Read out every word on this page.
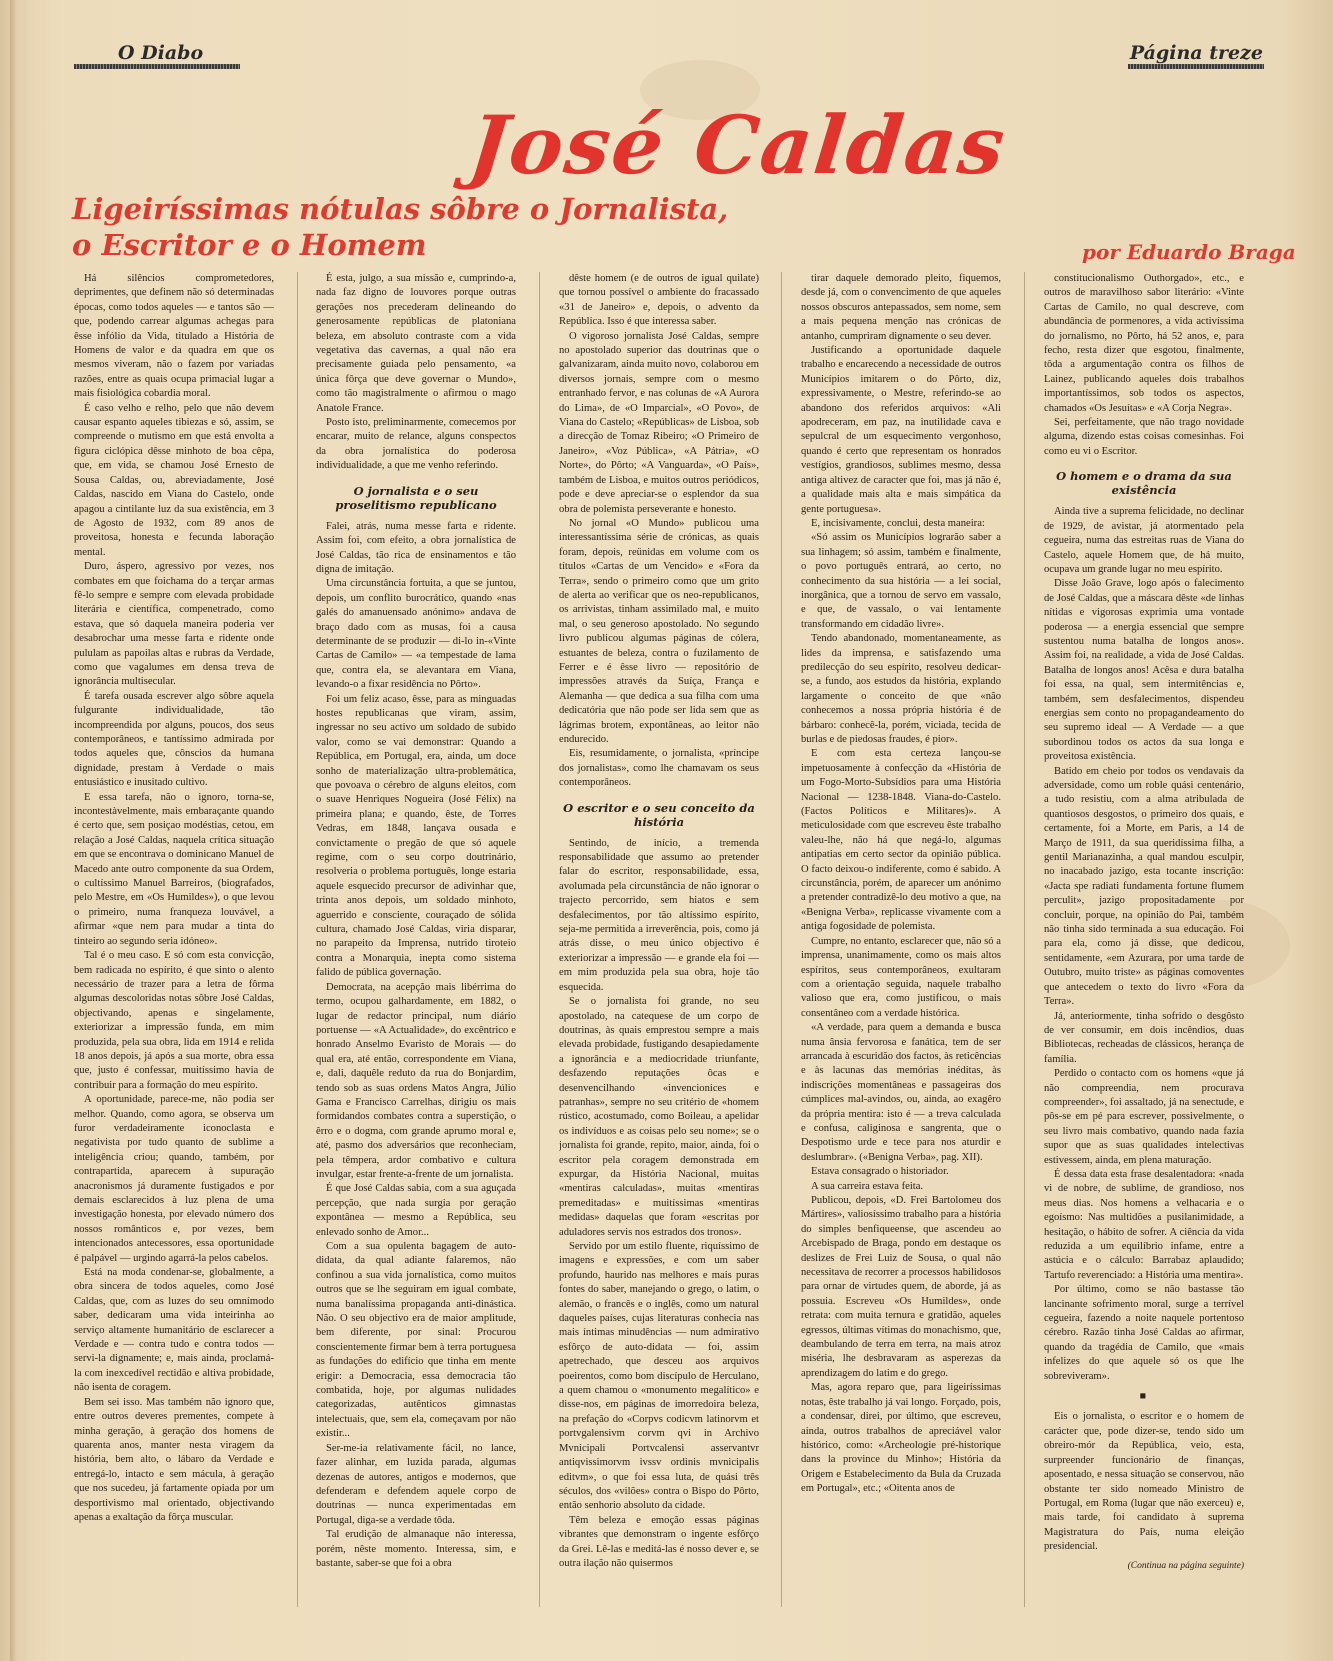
O Diabo	Página treze
José Caldas
Ligeiríssimas nótulas sôbre o Jornalista,
o Escritor e o Homem	por Eduardo Braga

Há silêncios comprometedores, deprimentes, que definem não só determinadas épocas, como todos aqueles — e tantos são — que, podendo carrear algumas achegas para êsse infólio da Vida, titulado a História de Homens de valor e da quadra em que os mesmos viveram, não o fazem por variadas razões, entre as quais ocupa primacial lugar a mais fisiológica cobardia moral.

É caso velho e relho, pelo que não devem causar espanto aqueles tibiezas e só, assim, se compreende o mutismo em que está envolta a figura ciclópica dêsse minhoto de boa cêpa, que, em vida, se chamou José Ernesto de Sousa Caldas, ou, abreviadamente, José Caldas, nascido em Viana do Castelo, onde apagou a cintilante luz da sua existência, em 3 de Agosto de 1932, com 89 anos de proveitosa, honesta e fecunda laboração mental.

Duro, áspero, agressivo por vezes, nos combates em que foichama do a terçar armas fê-lo sempre e sempre com elevada probidade literária e científica, compenetrado, como estava, que só daquela maneira poderia ver desabrochar uma messe farta e ridente onde pululam as papoilas altas e rubras da Verdade, como que vagalumes em densa treva de ignorância multisecular.

É tarefa ousada escrever algo sôbre aquela fulgurante individualidade, tão incompreendida por alguns, poucos, dos seus contemporâneos, e tantíssimo admirada por todos aqueles que, cônscios da humana dignidade, prestam à Verdade o mais entusiástico e inusitado cultivo.

E essa tarefa, não o ignoro, torna-se, incontestàvelmente, mais embaraçante quando é certo que, sem posiçao modéstias, cetou, em relação a José Caldas, naquela crítica situação em que se encontrava o dominicano Manuel de Macedo ante outro componente da sua Ordem, o cultíssimo Manuel Barreiros, (biografados, pelo Mestre, em «Os Humildes»), o que levou o primeiro, numa franqueza louvável, a afirmar «que nem para mudar a tinta do tinteiro ao segundo seria idóneo».

Tal é o meu caso. E só com esta convicção, bem radicada no espírito, é que sinto o alento necessário de trazer para a letra de fôrma algumas descoloridas notas sôbre José Caldas, objectivando, apenas e singelamente, exteriorizar a impressão funda, em mim produzida, pela sua obra, lida em 1914 e relida 18 anos depois, já após a sua morte, obra essa que, justo é confessar, muitíssimo havia de contribuir para a formação do meu espírito.

A oportunidade, parece-me, não podia ser melhor. Quando, como agora, se observa um furor verdadeiramente iconoclasta e negativista por tudo quanto de sublime a inteligência criou; quando, também, por contrapartida, aparecem à supuração anacronismos já duramente fustigados e por demais esclarecidos à luz plena de uma investigação honesta, por elevado número dos nossos românticos e, por vezes, bem intencionados antecessores, essa oportunidade é palpável — urgindo agarrá-la pelos cabelos.

Está na moda condenar-se, globalmente, a obra sincera de todos aqueles, como José Caldas, que, com as luzes do seu omnímodo saber, dedicaram uma vida inteirinha ao serviço altamente humanitário de esclarecer a Verdade e — contra tudo e contra todos — servi-la dignamente; e, mais ainda, proclamá-la com inexcedível rectidão e altiva probidade, não isenta de coragem.

Bem sei isso. Mas também não ignoro que, entre outros deveres prementes, compete à minha geração, à geração dos homens de quarenta anos, manter nesta viragem da história, bem alto, o lábaro da Verdade e entregá-lo, intacto e sem mácula, à geração que nos sucedeu, já fartamente opiada por um desportivismo mal orientado, objectivando apenas a exaltação da fôrça muscular.

É esta, julgo, a sua missão e, cumprindo-a, nada faz digno de louvores porque outras gerações nos precederam delineando do generosamente repúblicas de platoniana beleza, em absoluto contraste com a vida vegetativa das cavernas, a qual não era precisamente guiada pelo pensamento, «a única fôrça que deve governar o Mundo», como tão magistralmente o afirmou o mago Anatole France.

Posto isto, preliminarmente, comecemos por encarar, muito de relance, alguns conspectos da obra jornalística do poderosa individualidade, a que me venho referindo.

O jornalista e o seu proselitismo republicano

Falei, atrás, numa messe farta e ridente. Assim foi, com efeito, a obra jornalística de José Caldas, tão rica de ensinamentos e tão digna de imitação.

Uma circunstância fortuita, a que se juntou, depois, um conflito burocrático, quando «nas galés do amanuensado anónimo» andava de braço dado com as musas, foi a causa determinante de se produzir — di-lo in-«Vinte Cartas de Camilo» — «a tempestade de lama que, contra ela, se alevantara em Viana, levando-o a fixar residência no Pôrto».

Foi um feliz acaso, êsse, para as minguadas hostes republicanas que viram, assim, ingressar no seu activo um soldado de subido valor, como se vai demonstrar: Quando a República, em Portugal, era, ainda, um doce sonho de materialização ultra-problemática, que povoava o cérebro de alguns eleitos, com o suave Henriques Nogueira (José Félix) na primeira plana; e quando, êste, de Torres Vedras, em 1848, lançava ousada e convictamente o pregão de que só aquele regime, com o seu corpo doutrinário, resolveria o problema português, longe estaria aquele esquecido precursor de adivinhar que, trinta anos depois, um soldado minhoto, aguerrido e consciente, couraçado de sólida cultura, chamado José Caldas, viria disparar, no parapeito da Imprensa, nutrido tiroteio contra a Monarquia, inepta como sistema falido de pública governação.

Democrata, na acepção mais libérrima do termo, ocupou galhardamente, em 1882, o lugar de redactor principal, num diário portuense — «A Actualidade», do excêntrico e honrado Anselmo Evaristo de Morais — do qual era, até então, correspondente em Viana, e, dali, daquêle reduto da rua do Bonjardim, tendo sob as suas ordens Matos Angra, Júlio Gama e Francisco Carrelhas, dirigiu os mais formidandos combates contra a superstição, o êrro e o dogma, com grande aprumo moral e, até, pasmo dos adversários que reconheciam, pela têmpera, ardor combativo e cultura invulgar, estar frente-a-frente de um jornalista.

É que José Caldas sabia, com a sua aguçada percepção, que nada surgia por geração expontânea — mesmo a República, seu enlevado sonho de Amor...

Com a sua opulenta bagagem de auto-didata, da qual adiante falaremos, não confinou a sua vida jornalística, como muitos outros que se lhe seguiram em igual combate, numa banalíssima propaganda anti-dinástica. Não. O seu objectivo era de maior amplitude, bem diferente, por sinal: Procurou conscientemente firmar bem à terra portuguesa as fundações do edifício que tinha em mente erigir: a Democracia, essa democracia tão combatida, hoje, por algumas nulidades categorizadas, autênticos gimnastas intelectuais, que, sem ela, começavam por não existir...

Ser-me-ia relativamente fácil, no lance, fazer alinhar, em luzida parada, algumas dezenas de autores, antigos e modernos, que defenderam e defendem aquele corpo de doutrinas — nunca experimentadas em Portugal, diga-se a verdade tôda.

Tal erudição de almanaque não interessa, porém, nêste momento. Interessa, sim, e bastante, saber-se que foi a obra

dêste homem (e de outros de igual quilate) que tornou possível o ambiente do fracassado «31 de Janeiro» e, depois, o advento da República. Isso é que interessa saber.

O vigoroso jornalista José Caldas, sempre no apostolado superior das doutrinas que o galvanizaram, ainda muito novo, colaborou em diversos jornais, sempre com o mesmo entranhado fervor, e nas colunas de «A Aurora do Lima», de «O Imparcial», «O Povo», de Viana do Castelo; «Repúblicas» de Lisboa, sob a direcção de Tomaz Ribeiro; «O Primeiro de Janeiro», «Voz Pública», «A Pátria», «O Norte», do Pôrto; «A Vanguarda», «O País», também de Lisboa, e muitos outros periódicos, pode e deve apreciar-se o esplendor da sua obra de polemista perseverante e honesto.

No jornal «O Mundo» publicou uma interessantíssima série de crónicas, as quais foram, depois, reünidas em volume com os títulos «Cartas de um Vencido» e «Fora da Terra», sendo o primeiro como que um grito de alerta ao verificar que os neo-republicanos, os arrivistas, tinham assimilado mal, e muito mal, o seu generoso apostolado. No segundo livro publicou algumas páginas de cólera, estuantes de beleza, contra o fuzilamento de Ferrer e é êsse livro — repositório de impressões através da Suíça, França e Alemanha — que dedica a sua filha com uma dedicatória que não pode ser lida sem que as lágrimas brotem, expontâneas, ao leitor não endurecido.

Eis, resumidamente, o jornalista, «príncipe dos jornalistas», como lhe chamavam os seus contemporâneos.

O escritor e o seu conceito da história

Sentindo, de início, a tremenda responsabilidade que assumo ao pretender falar do escritor, responsabilidade, essa, avolumada pela circunstância de não ignorar o trajecto percorrido, sem hiatos e sem desfalecimentos, por tão altíssimo espírito, seja-me permitida a irreverência, pois, como já atrás disse, o meu único objectivo é exteriorizar a impressão — e grande ela foi — em mim produzida pela sua obra, hoje tão esquecida.

Se o jornalista foi grande, no seu apostolado, na catequese de um corpo de doutrinas, às quais emprestou sempre a mais elevada probidade, fustigando desapiedamente a ignorância e a mediocridade triunfante, desfazendo reputações ôcas e desenvencilhando «invencionices e patranhas», sempre no seu critério de «homem rústico, acostumado, como Boileau, a apelidar os indivíduos e as coisas pelo seu nome»; se o jornalista foi grande, repito, maior, ainda, foi o escritor pela coragem demonstrada em expurgar, da História Nacional, muitas «mentiras calculadas», muitas «mentiras premeditadas» e muitíssimas «mentiras medidas» daquelas que foram «escritas por aduladores servis nos estrados dos tronos».

Servido por um estilo fluente, riquíssimo de imagens e expressões, e com um saber profundo, haurido nas melhores e mais puras fontes do saber, manejando o grego, o latim, o alemão, o francês e o inglês, como um natural daqueles países, cujas literaturas conhecia nas mais íntimas minudências — num admirativo esfôrço de auto-didata — foi, assim apetrechado, que desceu aos arquivos poeirentos, como bom discípulo de Herculano, a quem chamou o «monumento megalítico» e disse-nos, em páginas de imorredoira beleza, na prefação do «Corpvs codicvm latinorvm et portvgalensivm corvm qvi in Archivo Mvnicipali Portvcalensi asservantvr antiqvissimorvm ivssv ordinis mvnicipalis editvm», o que foi essa luta, de quási três séculos, dos «vilões» contra o Bispo do Pôrto, então senhorio absoluto da cidade.

Têm beleza e emoção essas páginas vibrantes que demonstram o ingente esfôrço da Grei. Lê-las e meditá-las é nosso dever e, se outra ilação não quisermos

tirar daquele demorado pleito, fiquemos, desde já, com o convencimento de que aqueles nossos obscuros antepassados, sem nome, sem a mais pequena menção nas crónicas de antanho, cumpriram dignamente o seu dever.

Justificando a oportunidade daquele trabalho e encarecendo a necessidade de outros Municípios imitarem o do Pôrto, diz, expressivamente, o Mestre, referindo-se ao abandono dos referidos arquivos: «Ali apodreceram, em paz, na inutilidade cava e sepulcral de um esquecimento vergonhoso, quando é certo que representam os honrados vestígios, grandiosos, sublimes mesmo, dessa antiga altivez de caracter que foi, mas já não é, a qualidade mais alta e mais simpática da gente portuguesa».

E, incisivamente, conclui, desta maneira:

«Só assim os Municípios lograrão saber a sua linhagem; só assim, também e finalmente, o povo português entrará, ao certo, no conhecimento da sua história — a lei social, inorgânica, que a tornou de servo em vassalo, e que, de vassalo, o vai lentamente transformando em cidadão livre».

Tendo abandonado, momentaneamente, as lides da imprensa, e satisfazendo uma predilecção do seu espírito, resolveu dedicar-se, a fundo, aos estudos da história, explando largamente o conceito de que «não conhecemos a nossa própria história é de bárbaro: conhecê-la, porém, viciada, tecida de burlas e de piedosas fraudes, é pior».

E com esta certeza lançou-se impetuosamente à confecção da «História de um Fogo-Morto-Subsídios para uma História Nacional — 1238-1848. Viana-do-Castelo. (Factos Políticos e Militares)». A meticulosidade com que escreveu êste trabalho valeu-lhe, não há que negá-lo, algumas antipatias em certo sector da opinião pública. O facto deixou-o indiferente, como é sabido. A circunstância, porém, de aparecer um anónimo a pretender contradizê-lo deu motivo a que, na «Benigna Verba», replicasse vivamente com a antiga fogosidade de polemista.

Cumpre, no entanto, esclarecer que, não só a imprensa, unanimamente, como os mais altos espíritos, seus contemporâneos, exultaram com a orientação seguida, naquele trabalho valioso que era, como justificou, o mais consentâneo com a verdade histórica.

«A verdade, para quem a demanda e busca numa ânsia fervorosa e fanática, tem de ser arrancada à escuridão dos factos, às reticências e às lacunas das memórias inéditas, às indiscrições momentâneas e passageiras dos cúmplices mal-avindos, ou, ainda, ao exagêro da própria mentira: isto é — a treva calculada e confusa, caliginosa e sangrenta, que o Despotismo urde e tece para nos aturdir e deslumbrar». («Benigna Verba», pag. XII).

Estava consagrado o historiador.

A sua carreira estava feita.

Publicou, depois, «D. Frei Bartolomeu dos Mártires», valiosíssimo trabalho para a história do simples benfiqueense, que ascendeu ao Arcebispado de Braga, pondo em destaque os deslizes de Frei Luiz de Sousa, o qual não necessitava de recorrer a processos habilidosos para ornar de virtudes quem, de aborde, já as possuia. Escreveu «Os Humildes», onde retrata: com muita ternura e gratidão, aqueles egressos, últimas vítimas do monachismo, que, deambulando de terra em terra, na mais atroz miséria, lhe desbravaram as asperezas da aprendizagem do latim e do grego.

Mas, agora reparo que, para ligeiríssimas notas, êste trabalho já vai longo. Forçado, pois, a condensar, direi, por último, que escreveu, ainda, outros trabalhos de apreciável valor histórico, como: «Archeologie pré-historique dans la province du Minho»; História da Origem e Estabelecimento da Bula da Cruzada em Portugal», etc.; «Oitenta anos de

constitucionalismo Outhorgado», etc., e outros de maravilhoso sabor literário: «Vinte Cartas de Camilo, no qual descreve, com abundância de pormenores, a vida activíssima do jornalismo, no Pôrto, há 52 anos, e, para fecho, resta dizer que esgotou, finalmente, tôda a argumentação contra os filhos de Lainez, publicando aqueles dois trabalhos importantíssimos, sob todos os aspectos, chamados «Os Jesuítas» e «A Corja Negra».

Sei, perfeitamente, que não trago novidade alguma, dizendo estas coisas comesinhas. Foi como eu vi o Escritor.

O homem e o drama da sua existência

Ainda tive a suprema felicidade, no declinar de 1929, de avistar, já atormentado pela cegueira, numa das estreitas ruas de Viana do Castelo, aquele Homem que, de há muito, ocupava um grande lugar no meu espírito.

Disse João Grave, logo após o falecimento de José Caldas, que a máscara dêste «de linhas nítidas e vigorosas exprimia uma vontade poderosa — a energia essencial que sempre sustentou numa batalha de longos anos». Assim foi, na realidade, a vida de José Caldas. Batalha de longos anos! Acêsa e dura batalha foi essa, na qual, sem intermitências e, também, sem desfalecimentos, dispendeu energias sem conto no propagandeamento do seu supremo ideal — A Verdade — a que subordinou todos os actos da sua longa e proveitosa existência.

Batido em cheio por todos os vendavais da adversidade, como um roble quási centenário, a tudo resistiu, com a alma atribulada de quantiosos desgostos, o primeiro dos quais, e certamente, foi a Morte, em Paris, a 14 de Março de 1911, da sua queridíssima filha, a gentil Marianazinha, a qual mandou esculpir, no inacabado jazigo, esta tocante inscrição: «Jacta spe radiati fundamenta fortune flumem perculit», jazigo propositadamente por concluir, porque, na opinião do Pai, também não tinha sido terminada a sua educação. Foi para ela, como já disse, que dedicou, sentidamente, «em Azurara, por uma tarde de Outubro, muito triste» as páginas comoventes que antecedem o texto do livro «Fora da Terra».

Já, anteriormente, tinha sofrido o desgôsto de ver consumir, em dois incêndios, duas Bibliotecas, recheadas de clássicos, herança de família.

Perdido o contacto com os homens «que já não compreendia, nem procurava compreender», foi assaltado, já na senectude, e pôs-se em pé para escrever, possivelmente, o seu livro mais combativo, quando nada fazia supor que as suas qualidades intelectivas estivessem, ainda, em plena maturação.

É dessa data esta frase desalentadora: «nada vi de nobre, de sublime, de grandioso, nos meus dias. Nos homens a velhacaria e o egoísmo: Nas multidões a pusilanimidade, a hesitação, o hábito de sofrer. A ciência da vida reduzida a um equilíbrio infame, entre a astúcia e o cálculo: Barrabaz aplaudido; Tartufo reverenciado: a História uma mentira».

Por último, como se não bastasse tão lancinante sofrimento moral, surge a terrível cegueira, fazendo a noite naquele portentoso cérebro. Razão tinha José Caldas ao afirmar, quando da tragédia de Camilo, que «mais infelizes do que aquele só os que lhe sobreviveram».

■

Eis o jornalista, o escritor e o homem de carácter que, pode dizer-se, tendo sido um obreiro-mór da República, veio, esta, surpreender funcionário de finanças, aposentado, e nessa situação se conservou, não obstante ter sido nomeado Ministro de Portugal, em Roma (lugar que não exerceu) e, mais tarde, foi candidato à suprema Magistratura do País, numa eleição presidencial.

(Continua na página seguinte)
